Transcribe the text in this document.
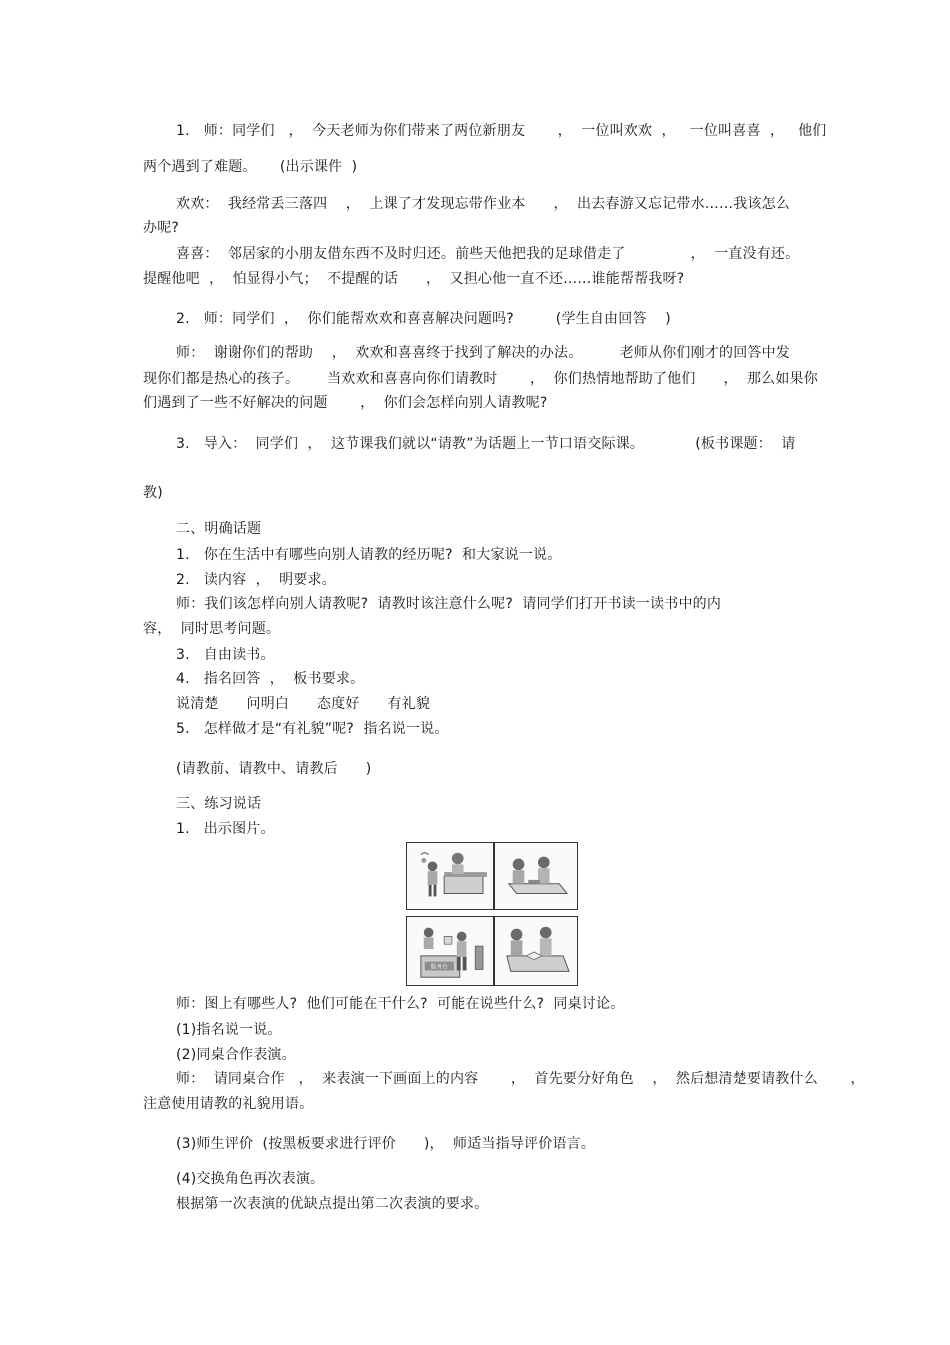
1.   师：同学们   ，  今天老师为你们带来了两位新朋友       ，  一位叫欢欢  ，   一位叫喜喜  ，   他们
两个遇到了难题。     (出示课件  )
欢欢：  我经常丢三落四    ，  上课了才发现忘带作业本      ，  出去春游又忘记带水……我该怎么
办呢?
喜喜：  邻居家的小朋友借东西不及时归还。前些天他把我的足球借走了              ，  一直没有还。
提醒他吧  ，  怕显得小气；  不提醒的话      ，  又担心他一直不还……谁能帮帮我呀?
2.   师：同学们  ，  你们能帮欢欢和喜喜解决问题吗?         (学生自由回答    )
师：  谢谢你们的帮助    ，  欢欢和喜喜终于找到了解决的办法。        老师从你们刚才的回答中发
现你们都是热心的孩子。      当欢欢和喜喜向你们请教时       ，  你们热情地帮助了他们      ，  那么如果你
们遇到了一些不好解决的问题       ，  你们会怎样向别人请教呢?
3.   导入：  同学们  ，  这节课我们就以“请教”为话题上一节口语交际课。           (板书课题：  请
教)
二、明确话题
1.   你在生活中有哪些向别人请教的经历呢?  和大家说一说。
2.   读内容  ，  明要求。
师：我们该怎样向别人请教呢?  请教时该注意什么呢?  请同学们打开书读一读书中的内
容，  同时思考问题。
3.   自由读书。
4.   指名回答  ，  板书要求。
说清楚      问明白      态度好      有礼貌
5.   怎样做才是“有礼貌”呢?  指名说一说。
(请教前、请教中、请教后      )
三、练习说话
1.   出示图片。
服务台
师：图上有哪些人?  他们可能在干什么?  可能在说些什么?  同桌讨论。
(1)指名说一说。
(2)同桌合作表演。
师：  请同桌合作   ，  来表演一下画面上的内容       ，  首先要分好角色    ，  然后想清楚要请教什么       ，
注意使用请教的礼貌用语。
(3)师生评价  (按黑板要求进行评价      )，  师适当指导评价语言。
(4)交换角色再次表演。
根据第一次表演的优缺点提出第二次表演的要求。
